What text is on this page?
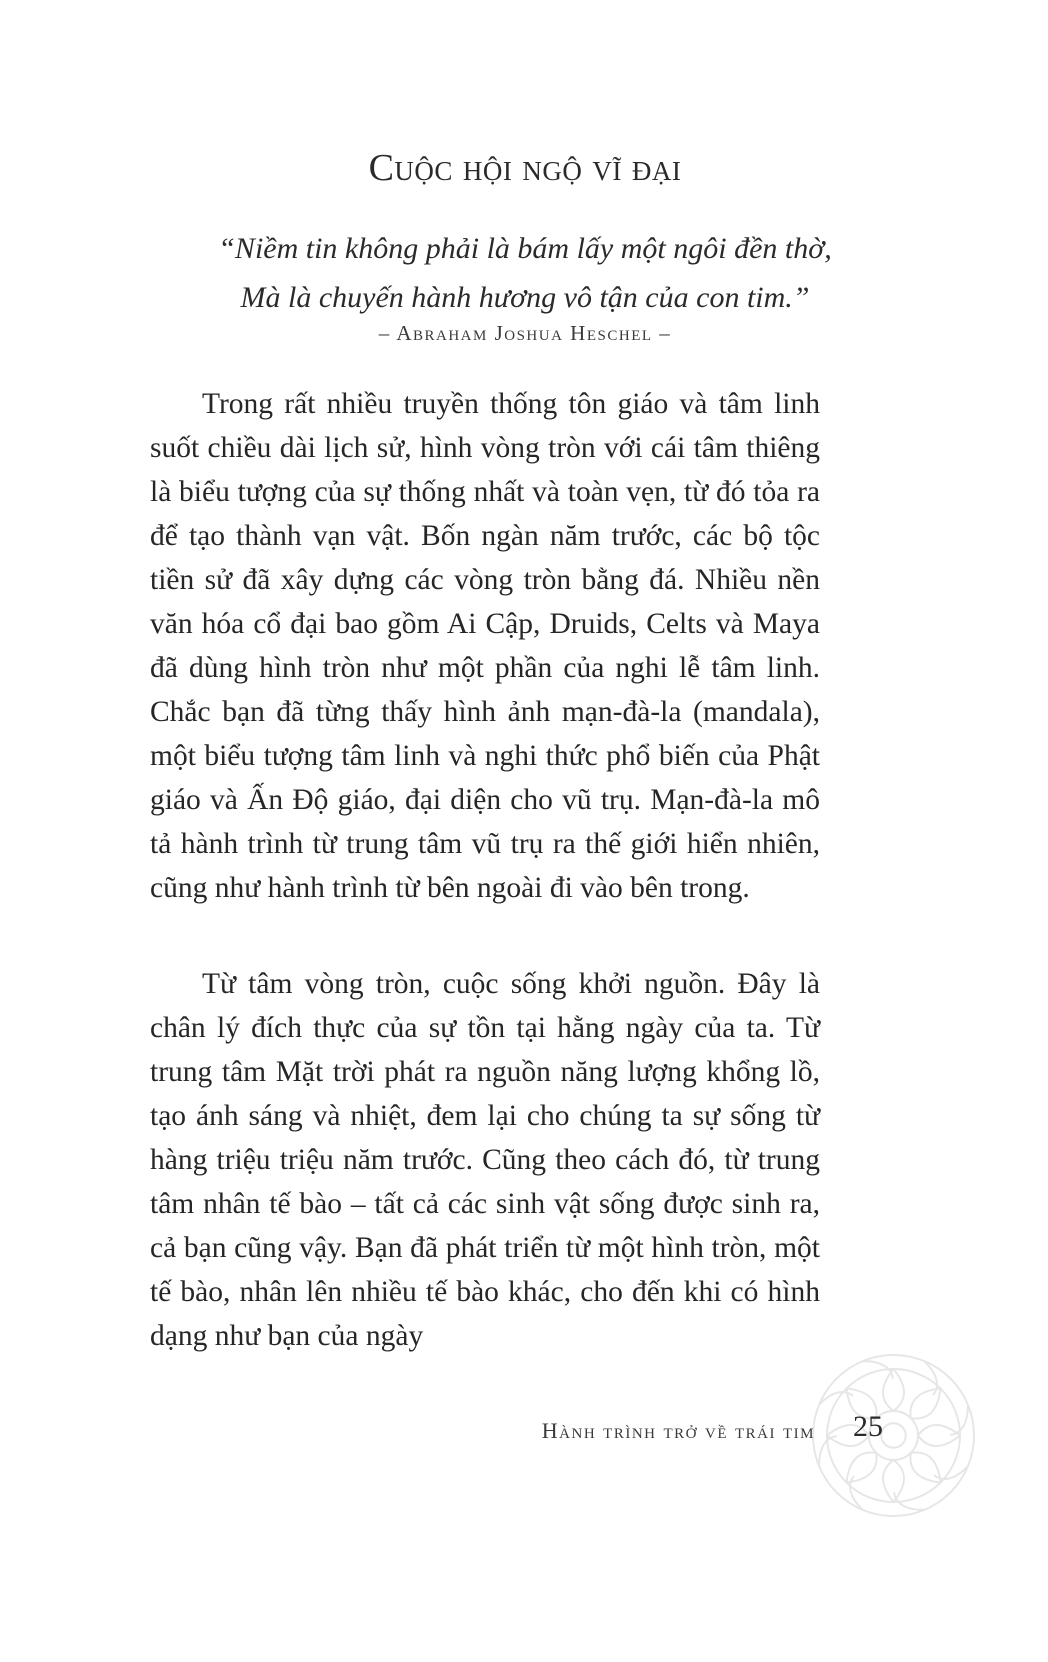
Cuộc hội ngộ vĩ đại
“Niềm tin không phải là bám lấy một ngôi đền thờ,
Mà là chuyến hành hương vô tận của con tim.”
– Abraham Joshua Heschel –

Trong rất nhiều truyền thống tôn giáo và tâm linh suốt chiều dài lịch sử, hình vòng tròn với cái tâm thiêng là biểu tượng của sự thống nhất và toàn vẹn, từ đó tỏa ra để tạo thành vạn vật. Bốn ngàn năm trước, các bộ tộc tiền sử đã xây dựng các vòng tròn bằng đá. Nhiều nền văn hóa cổ đại bao gồm Ai Cập, Druids, Celts và Maya đã dùng hình tròn như một phần của nghi lễ tâm linh. Chắc bạn đã từng thấy hình ảnh mạn-đà-la (mandala), một biểu tượng tâm linh và nghi thức phổ biến của Phật giáo và Ấn Độ giáo, đại diện cho vũ trụ. Mạn-đà-la mô tả hành trình từ trung tâm vũ trụ ra thế giới hiển nhiên, cũng như hành trình từ bên ngoài đi vào bên trong.

Từ tâm vòng tròn, cuộc sống khởi nguồn. Đây là chân lý đích thực của sự tồn tại hằng ngày của ta. Từ trung tâm Mặt trời phát ra nguồn năng lượng khổng lồ, tạo ánh sáng và nhiệt, đem lại cho chúng ta sự sống từ hàng triệu triệu năm trước. Cũng theo cách đó, từ trung tâm nhân tế bào – tất cả các sinh vật sống được sinh ra, cả bạn cũng vậy. Bạn đã phát triển từ một hình tròn, một tế bào, nhân lên nhiều tế bào khác, cho đến khi có hình dạng như bạn của ngày

Hành trình trở về trái tim	25
